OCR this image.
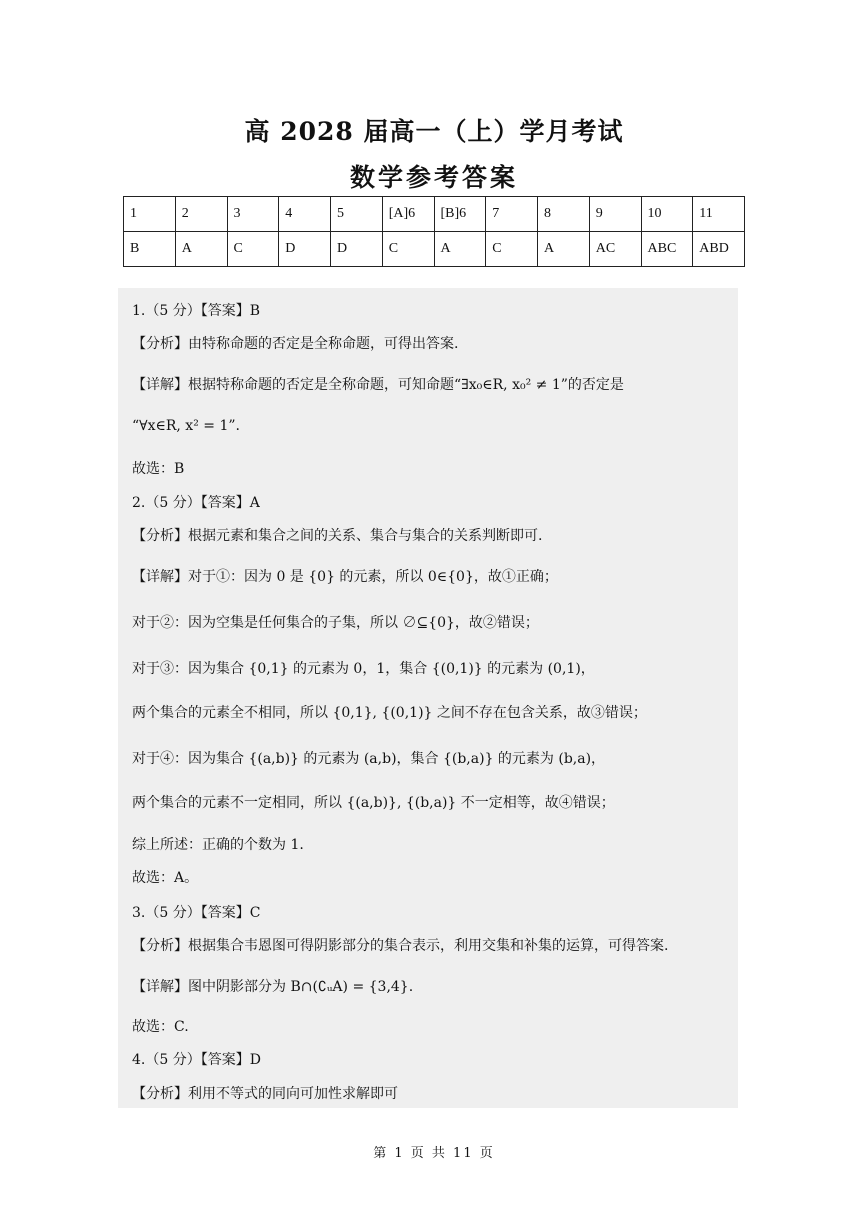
高 2028 届高一（上）学月考试
数学参考答案
1	2	3	4	5	[A]6	[B]6	7	8	9	10	11
B	A	C	D	D	C	A	C	A	AC	ABC	ABD
1.（5 分）【答案】B
【分析】由特称命题的否定是全称命题，可得出答案.
【详解】根据特称命题的否定是全称命题，可知命题“∃x₀∈R, x₀² ≠ 1”的否定是
“∀x∈R, x² = 1”.
故选：B
2.（5 分）【答案】A
【分析】根据元素和集合之间的关系、集合与集合的关系判断即可.
【详解】对于①：因为 0 是 {0} 的元素，所以 0∈{0}，故①正确；
对于②：因为空集是任何集合的子集，所以 ∅⊆{0}，故②错误；
对于③：因为集合 {0,1} 的元素为 0，1，集合 {(0,1)} 的元素为 (0,1)，
两个集合的元素全不相同，所以 {0,1}, {(0,1)} 之间不存在包含关系，故③错误；
对于④：因为集合 {(a,b)} 的元素为 (a,b)，集合 {(b,a)} 的元素为 (b,a)，
两个集合的元素不一定相同，所以 {(a,b)}, {(b,a)} 不一定相等，故④错误；
综上所述：正确的个数为 1.
故选：A。
3.（5 分）【答案】C
【分析】根据集合韦恩图可得阴影部分的集合表示，利用交集和补集的运算，可得答案.
【详解】图中阴影部分为 B∩(∁ᵤA) = {3,4}.
故选：C.
4.（5 分）【答案】D
【分析】利用不等式的同向可加性求解即可
第 1 页 共 11 页
